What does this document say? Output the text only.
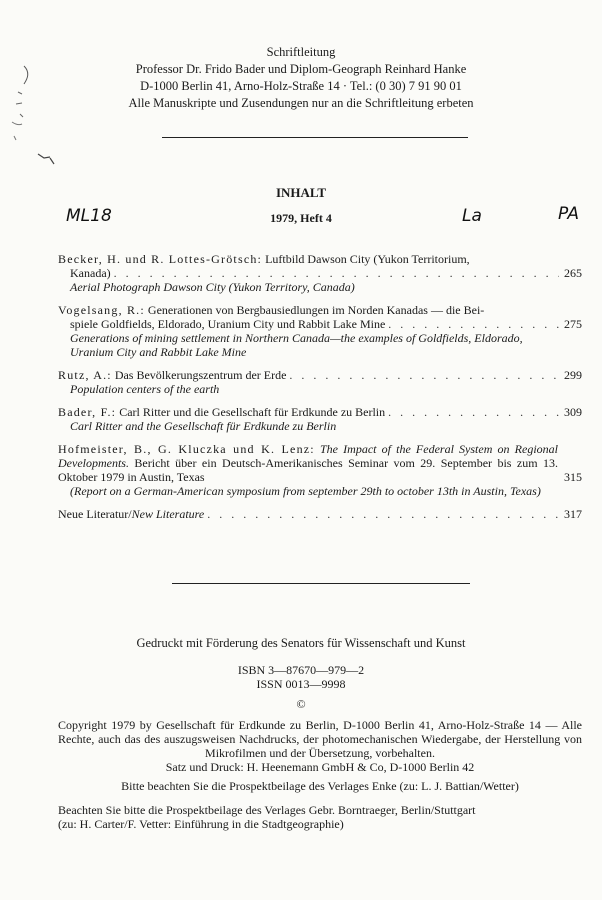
Schriftleitung
Professor Dr. Frido Bader und Diplom-Geograph Reinhard Hanke
D-1000 Berlin 41, Arno-Holz-Straße 14 · Tel.: (0 30) 7 91 90 01
Alle Manuskripte und Zusendungen nur an die Schriftleitung erbeten
INHALT
1979, Heft 4
ML18	La	PA
Becker, H. und R. Lottes-Grötsch: Luftbild Dawson City (Yukon Territorium,
Kanada) . . .	265
Aerial Photograph Dawson City (Yukon Territory, Canada)
Vogelsang, R.: Generationen von Bergbausiedlungen im Norden Kanadas — die Bei-
spiele Goldfields, Eldorado, Uranium City und Rabbit Lake Mine . . .	275
Generations of mining settlement in Northern Canada—the examples of Goldfields, Eldorado, Uranium City and Rabbit Lake Mine
Rutz, A.: Das Bevölkerungszentrum der Erde . . .	299
Population centers of the earth
Bader, F.: Carl Ritter und die Gesellschaft für Erdkunde zu Berlin . . .	309
Carl Ritter and the Gesellschaft für Erdkunde zu Berlin
Hofmeister, B., G. Kluczka und K. Lenz: The Impact of the Federal System on Regional Developments. Bericht über ein Deutsch-Amerikanisches Seminar vom 29. September bis zum 13. Oktober 1979 in Austin, Texas	315
(Report on a German-American symposium from september 29th to october 13th in Austin, Texas)
Neue Literatur/New Literature . . .	317
Gedruckt mit Förderung des Senators für Wissenschaft und Kunst
ISBN 3—87670—979—2
ISSN 0013—9998
©
Copyright 1979 by Gesellschaft für Erdkunde zu Berlin, D-1000 Berlin 41, Arno-Holz-Straße 14 — Alle Rechte, auch das des auszugsweisen Nachdrucks, der photomechanischen Wiedergabe, der Herstellung von Mikrofilmen und der Übersetzung, vorbehalten.
Satz und Druck: H. Heenemann GmbH & Co, D-1000 Berlin 42
Bitte beachten Sie die Prospektbeilage des Verlages Enke (zu: L. J. Battian/Wetter)
Beachten Sie bitte die Prospektbeilage des Verlages Gebr. Borntraeger, Berlin/Stuttgart
(zu: H. Carter/F. Vetter: Einführung in die Stadtgeographie)
